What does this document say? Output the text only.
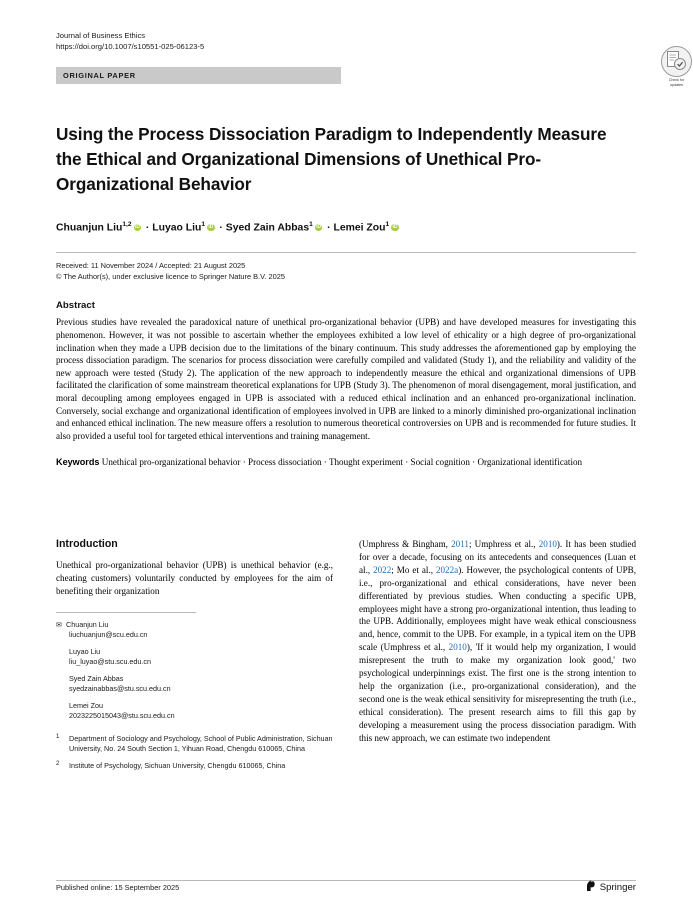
Journal of Business Ethics
https://doi.org/10.1007/s10551-025-06123-5
ORIGINAL PAPER
Using the Process Dissociation Paradigm to Independently Measure the Ethical and Organizational Dimensions of Unethical Pro-Organizational Behavior
Chuanjun Liu$^{1,2}$iD · Luyao Liu$^1$iD · Syed Zain Abbas$^1$iD · Lemei Zou$^1$iD
Received: 11 November 2024 / Accepted: 21 August 2025
© The Author(s), under exclusive licence to Springer Nature B.V. 2025
Abstract

Previous studies have revealed the paradoxical nature of unethical pro-organizational behavior (UPB) and have developed measures for investigating this phenomenon. However, it was not possible to ascertain whether the employees exhibited a low level of ethicality or a high degree of pro-organizational inclination when they made a UPB decision due to the limitations of the binary continuum. This study addresses the aforementioned gap by employing the process dissociation paradigm. The scenarios for process dissociation were carefully compiled and validated (Study 1), and the reliability and validity of the new approach were tested (Study 2). The application of the new approach to independently measure the ethical and organizational dimensions of UPB facilitated the clarification of some mainstream theoretical explanations for UPB (Study 3). The phenomenon of moral disengagement, moral justification, and moral decoupling among employees engaged in UPB is associated with a reduced ethical inclination and an enhanced pro-organizational inclination. Conversely, social exchange and organizational identification of employees involved in UPB are linked to a minorly diminished pro-organizational inclination and enhanced ethical inclination. The new measure offers a resolution to numerous theoretical controversies on UPB and is recommended for future studies. It also provided a useful tool for targeted ethical interventions and training management.

Keywords Unethical pro-organizational behavior · Process dissociation · Thought experiment · Social cognition · Organizational identification
Check for
updates
Introduction

Unethical pro-organizational behavior (UPB) is unethical behavior (e.g., cheating customers) voluntarily conducted by employees for the aim of benefiting their organization

✉ Chuanjun Liu
liuchuanjun@scu.edu.cn
Luyao Liu
liu_luyao@stu.scu.edu.cn
Syed Zain Abbas
syedzainabbas@stu.scu.edu.cn
Lemei Zou
2023225015043@stu.scu.edu.cn
1 Department of Sociology and Psychology, School of Public Administration, Sichuan University, No. 24 South Section 1, Yihuan Road, Chengdu 610065, China
2 Institute of Psychology, Sichuan University, Chengdu 610065, China

(Umphress & Bingham, 2011; Umphress et al., 2010). It has been studied for over a decade, focusing on its antecedents and consequences (Luan et al., 2022; Mo et al., 2022a). However, the psychological contents of UPB, i.e., pro-organizational and ethical considerations, have never been differentiated by previous studies. When conducting a specific UPB, employees might have a strong pro-organizational intention, thus leading to the UPB. Additionally, employees might have weak ethical consciousness and, hence, commit to the UPB. For example, in a typical item on the UPB scale (Umphress et al., 2010), 'If it would help my organization, I would misrepresent the truth to make my organization look good,' two psychological underpinnings exist. The first one is the strong intention to help the organization (i.e., pro-organizational consideration), and the second one is the weak ethical sensitivity for misrepresenting the truth (i.e., ethical consideration). The present research aims to fill this gap by developing a measurement using the process dissociation paradigm. With this new approach, we can estimate two independent

Published online: 15 September 2025	Springer
